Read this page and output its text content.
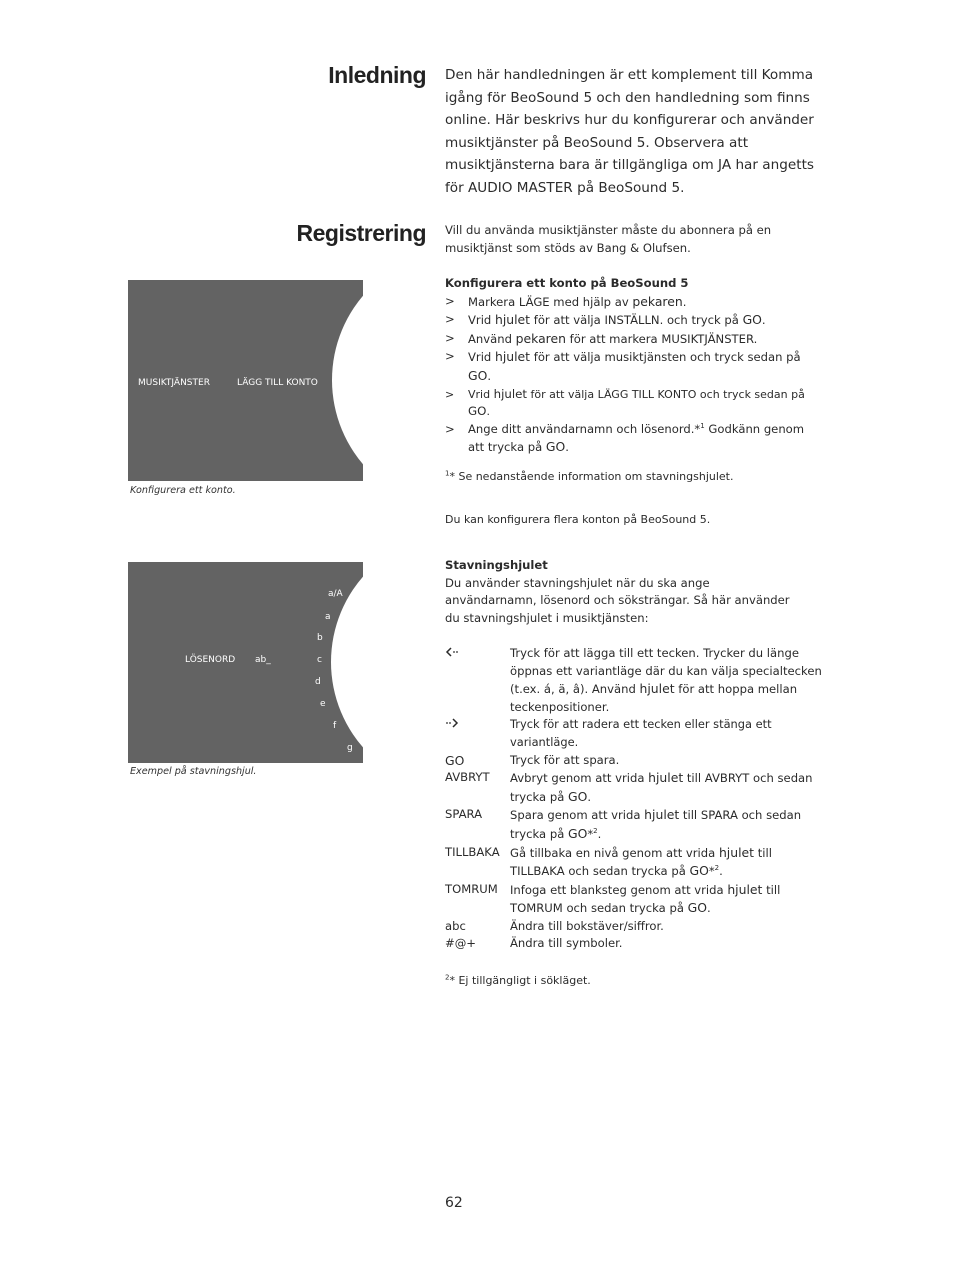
Inledning
Registrering

Den här handledningen är ett komplement till Komma igång för BeoSound 5 och den handledning som finns online. Här beskrivs hur du konfigurerar och använder musiktjänster på BeoSound 5. Observera att musiktjänsterna bara är tillgängliga om JA har angetts för AUDIO MASTER på BeoSound 5.

Vill du använda musiktjänster måste du abonnera på en musiktjänst som stöds av Bang & Olufsen.

Konfigurera ett konto på BeoSound 5
> Markera LÄGE med hjälp av pekaren.
> Vrid hjulet för att välja INSTÄLLN. och tryck på GO.
> Använd pekaren för att markera MUSIKTJÄNSTER.
> Vrid hjulet för att välja musiktjänsten och tryck sedan på GO.
> Vrid hjulet för att välja LÄGG TILL KONTO och tryck sedan på GO.
> Ange ditt användarnamn och lösenord.*$^1$ Godkänn genom att trycka på GO.
$^1$* Se nedanstående information om stavningshjulet.
Du kan konfigurera flera konton på BeoSound 5.
MUSIKTJÄNSTER	LÄGG TILL KONTO
Konfigurera ett konto.
LÖSENORD ab_
a/A
a
b
c
d
e
f
g
Exempel på stavningshjul.
Stavningshjulet
Du använder stavningshjulet när du ska ange användarnamn, lösenord och söksträngar. Så här använder du stavningshjulet i musiktjänsten:
Tryck för att lägga till ett tecken. Trycker du länge öppnas ett variantläge där du kan välja specialtecken (t.ex. á, ä, â). Använd hjulet för att hoppa mellan teckenpositioner.
Tryck för att radera ett tecken eller stänga ett variantläge.
GO	Tryck för att spara.
AVBRYT	Avbryt genom att vrida hjulet till AVBRYT och sedan trycka på GO.
SPARA	Spara genom att vrida hjulet till SPARA och sedan trycka på GO*$^2$.
TILLBAKA Gå tillbaka en nivå genom att vrida hjulet till TILLBAKA och sedan trycka på GO*$^2$.
TOMRUM	Infoga ett blanksteg genom att vrida hjulet till TOMRUM och sedan trycka på GO.
abc	Ändra till bokstäver/siffror.
#@+	Ändra till symboler.
$^2$* Ej tillgängligt i sökläget.
62
